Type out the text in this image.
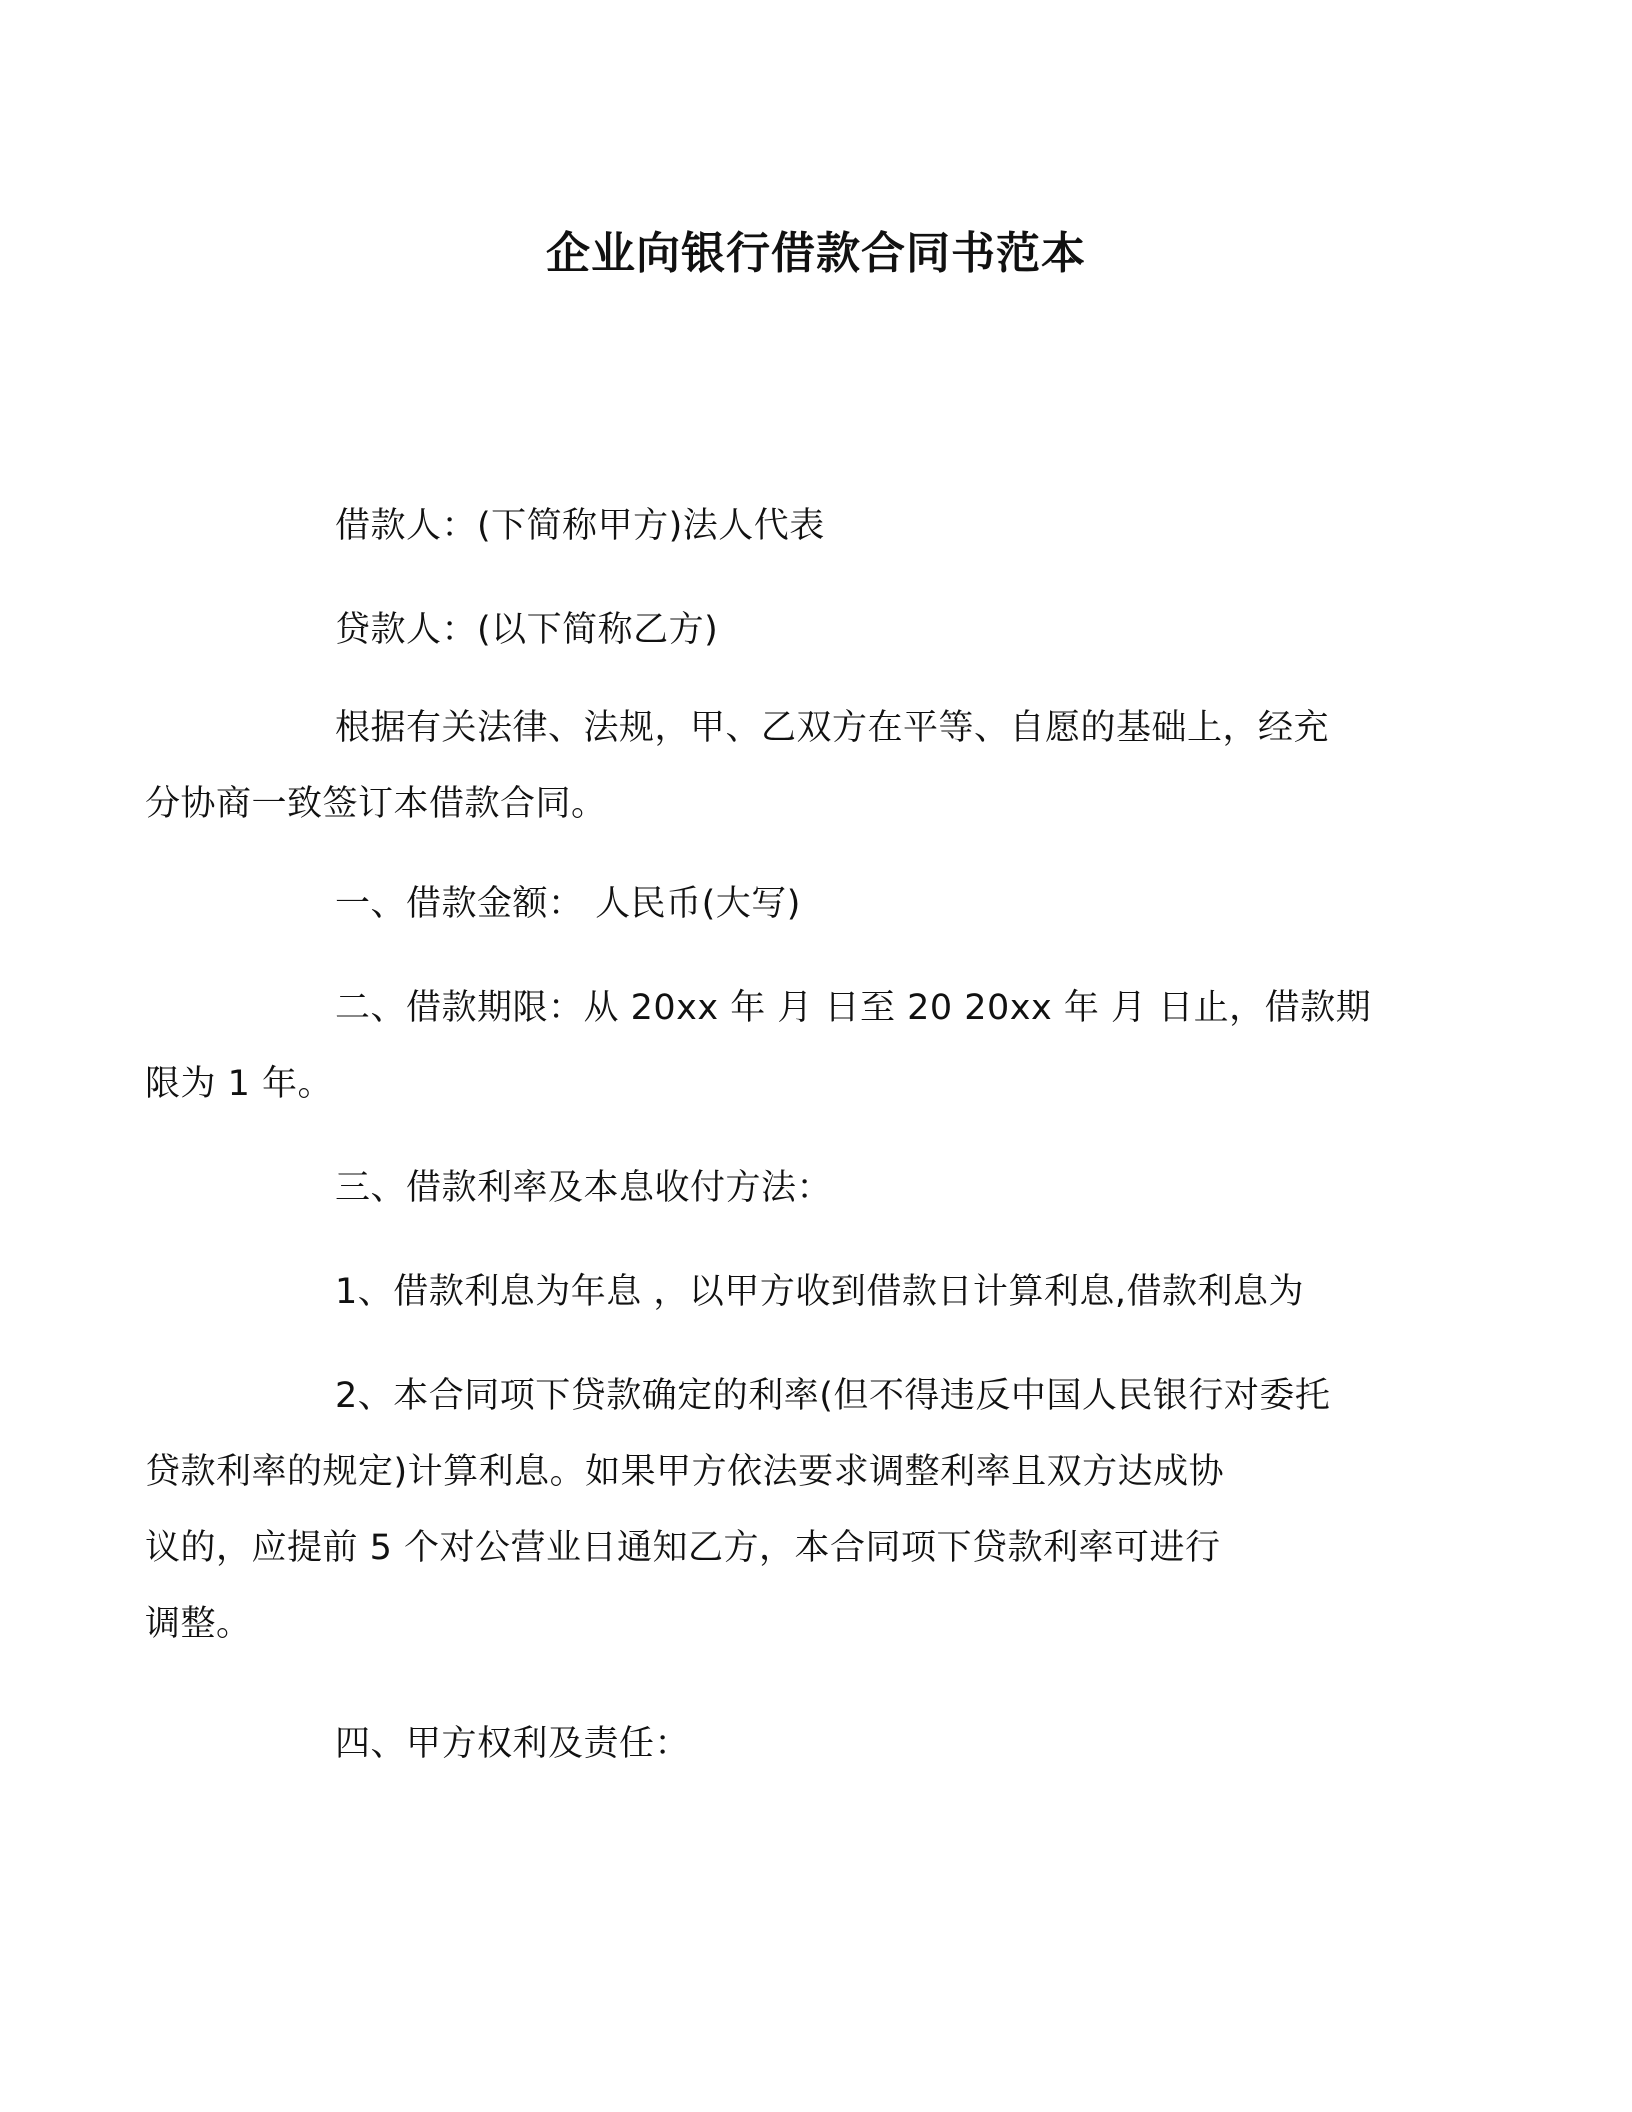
企业向银行借款合同书范本
借款人：(下简称甲方)法人代表
贷款人：(以下简称乙方)
根据有关法律、法规，甲、乙双方在平等、自愿的基础上，经充
分协商一致签订本借款合同。
一、借款金额： 人民币(大写)
二、借款期限：从 20xx 年 月 日至 20 20xx 年 月 日止，借款期
限为 1 年。
三、借款利率及本息收付方法：
1、借款利息为年息 ，以甲方收到借款日计算利息,借款利息为
2、本合同项下贷款确定的利率(但不得违反中国人民银行对委托
贷款利率的规定)计算利息。如果甲方依法要求调整利率且双方达成协
议的，应提前 5 个对公营业日通知乙方，本合同项下贷款利率可进行
调整。
四、甲方权利及责任：
